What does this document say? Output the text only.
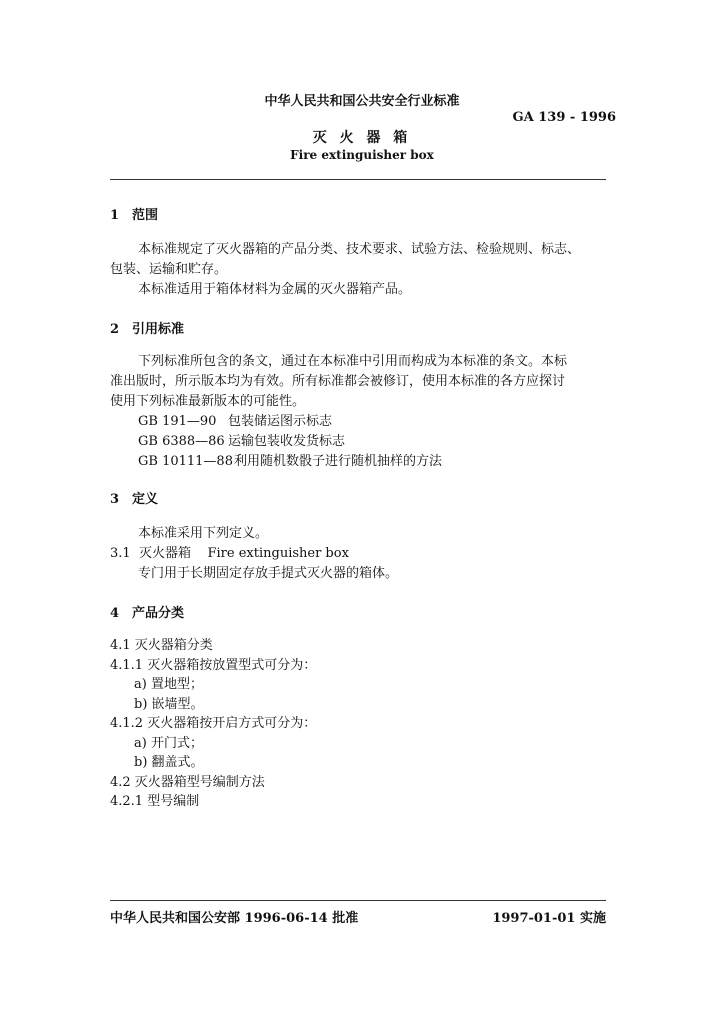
中华人民共和国公共安全行业标准
GA 139 - 1996
灭 火 器 箱
Fire extinguisher box
1　范围
本标准规定了灭火器箱的产品分类、技术要求、试验方法、检验规则、标志、
包装、运输和贮存。
本标准适用于箱体材料为金属的灭火器箱产品。
2　引用标准
下列标准所包含的条文，通过在本标准中引用而构成为本标准的条文。本标
准出版时，所示版本均为有效。所有标准都会被修订，使用本标准的各方应探讨
使用下列标准最新版本的可能性。
GB 191—90 包装储运图示标志
GB 6388—86 运输包装收发货标志
GB 10111—88利用随机数骰子进行随机抽样的方法
3　定义
本标准采用下列定义。
3.1 灭火器箱 Fire extinguisher box
专门用于长期固定存放手提式灭火器的箱体。
4　产品分类
4.1 灭火器箱分类
4.1.1 灭火器箱按放置型式可分为：
a) 置地型；
b) 嵌墙型。
4.1.2 灭火器箱按开启方式可分为：
a) 开门式；
b) 翻盖式。
4.2 灭火器箱型号编制方法
4.2.1 型号编制
中华人民共和国公安部 1996-06-14 批准	1997-01-01 实施
